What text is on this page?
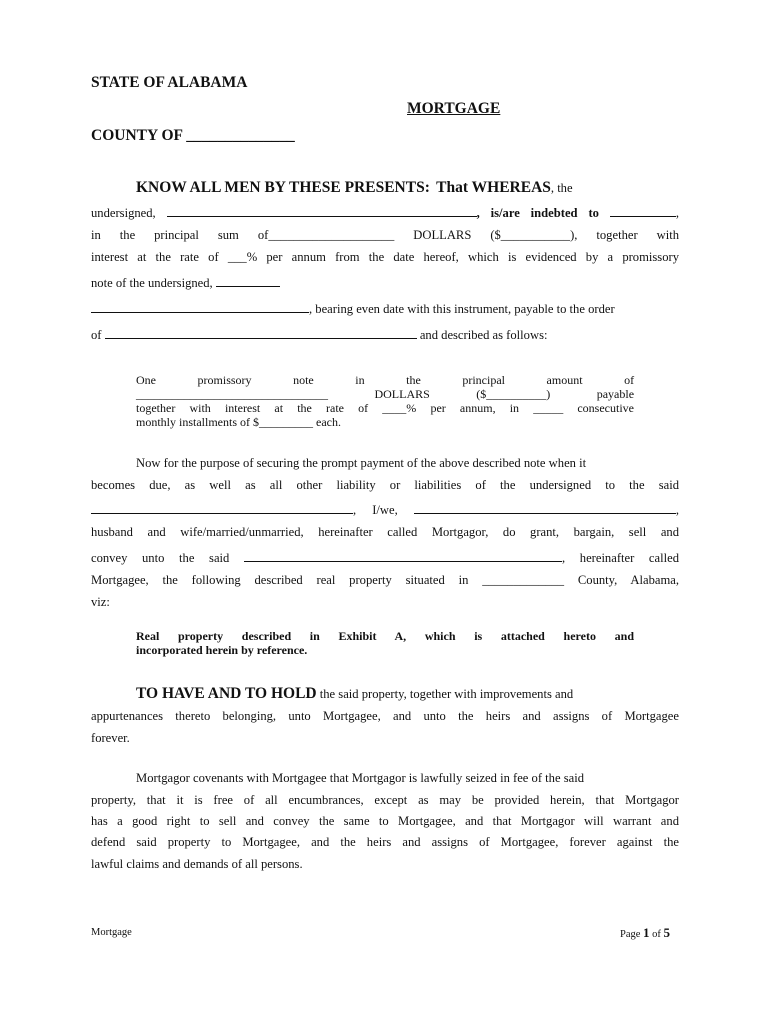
STATE OF ALABAMA
MORTGAGE
COUNTY OF ______________
KNOW ALL MEN BY THESE PRESENTS: That WHEREAS, the
undersigned,	, is/are indebted to	,
in the principal sum of____________________ DOLLARS ($___________), together with
interest at the rate of ___% per annum from the date hereof, which is evidenced by a promissory
note of the undersigned,
, bearing even date with this instrument, payable to the order
of	and described as follows:
One	promissory	note	in	the	principal	amount	of
________________________________	DOLLARS	($__________)	payable
together with interest at the rate of ____% per annum, in _____ consecutive
monthly installments of $_________ each.
Now for the purpose of securing the prompt payment of the above described note when it
becomes due, as well as all other liability or liabilities of the undersigned to the said
, I/we,	,
husband and wife/married/unmarried, hereinafter called Mortgagor, do grant, bargain, sell and
convey unto the said	, hereinafter called
Mortgagee, the following described real property situated in _____________ County, Alabama,
viz:
Real property described in Exhibit A, which is attached hereto and
incorporated herein by reference.
TO HAVE AND TO HOLD the said property, together with improvements and
appurtenances thereto belonging, unto Mortgagee, and unto the heirs and assigns of Mortgagee
forever.
Mortgagor covenants with Mortgagee that Mortgagor is lawfully seized in fee of the said
property, that it is free of all encumbrances, except as may be provided herein, that Mortgagor
has a good right to sell and convey the same to Mortgagee, and that Mortgagor will warrant and
defend said property to Mortgagee, and the heirs and assigns of Mortgagee, forever against the
lawful claims and demands of all persons.
Mortgage	Page 1 of 5
